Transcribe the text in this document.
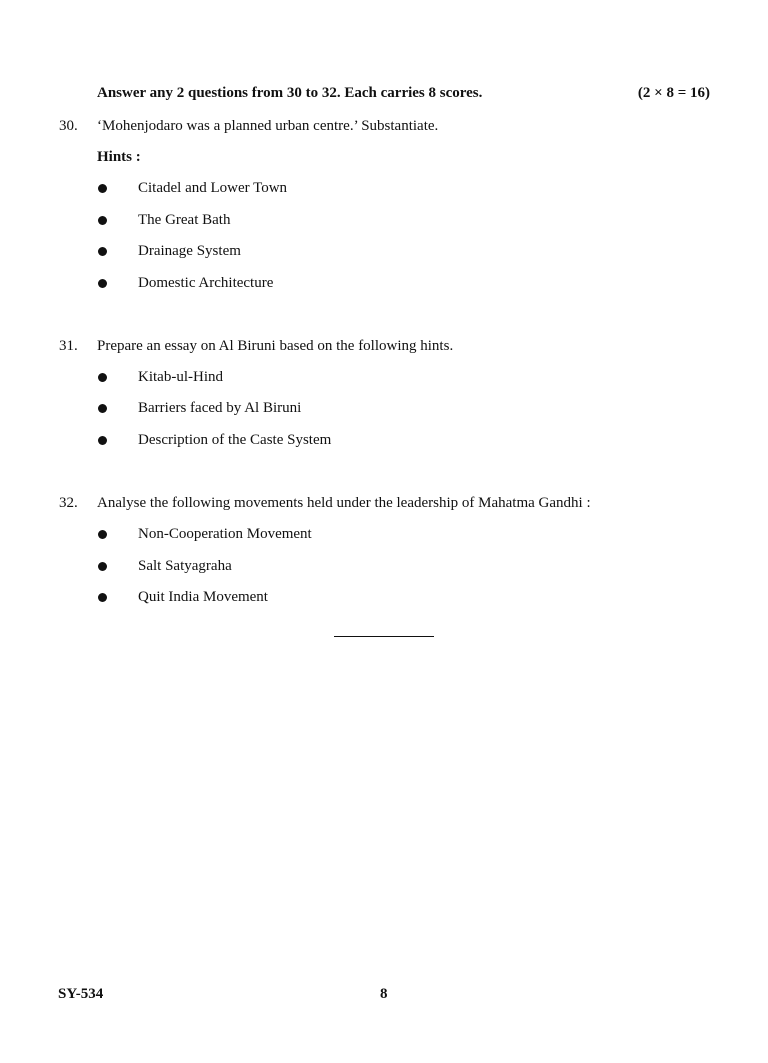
Answer any 2 questions from 30 to 32. Each carries 8 scores.	(2 × 8 = 16)
30. ‘Mohenjodaro was a planned urban centre.’ Substantiate.
Hints :
Citadel and Lower Town
The Great Bath
Drainage System
Domestic Architecture
31. Prepare an essay on Al Biruni based on the following hints.
Kitab-ul-Hind
Barriers faced by Al Biruni
Description of the Caste System
32. Analyse the following movements held under the leadership of Mahatma Gandhi :
Non-Cooperation Movement
Salt Satyagraha
Quit India Movement
SY-534	8
